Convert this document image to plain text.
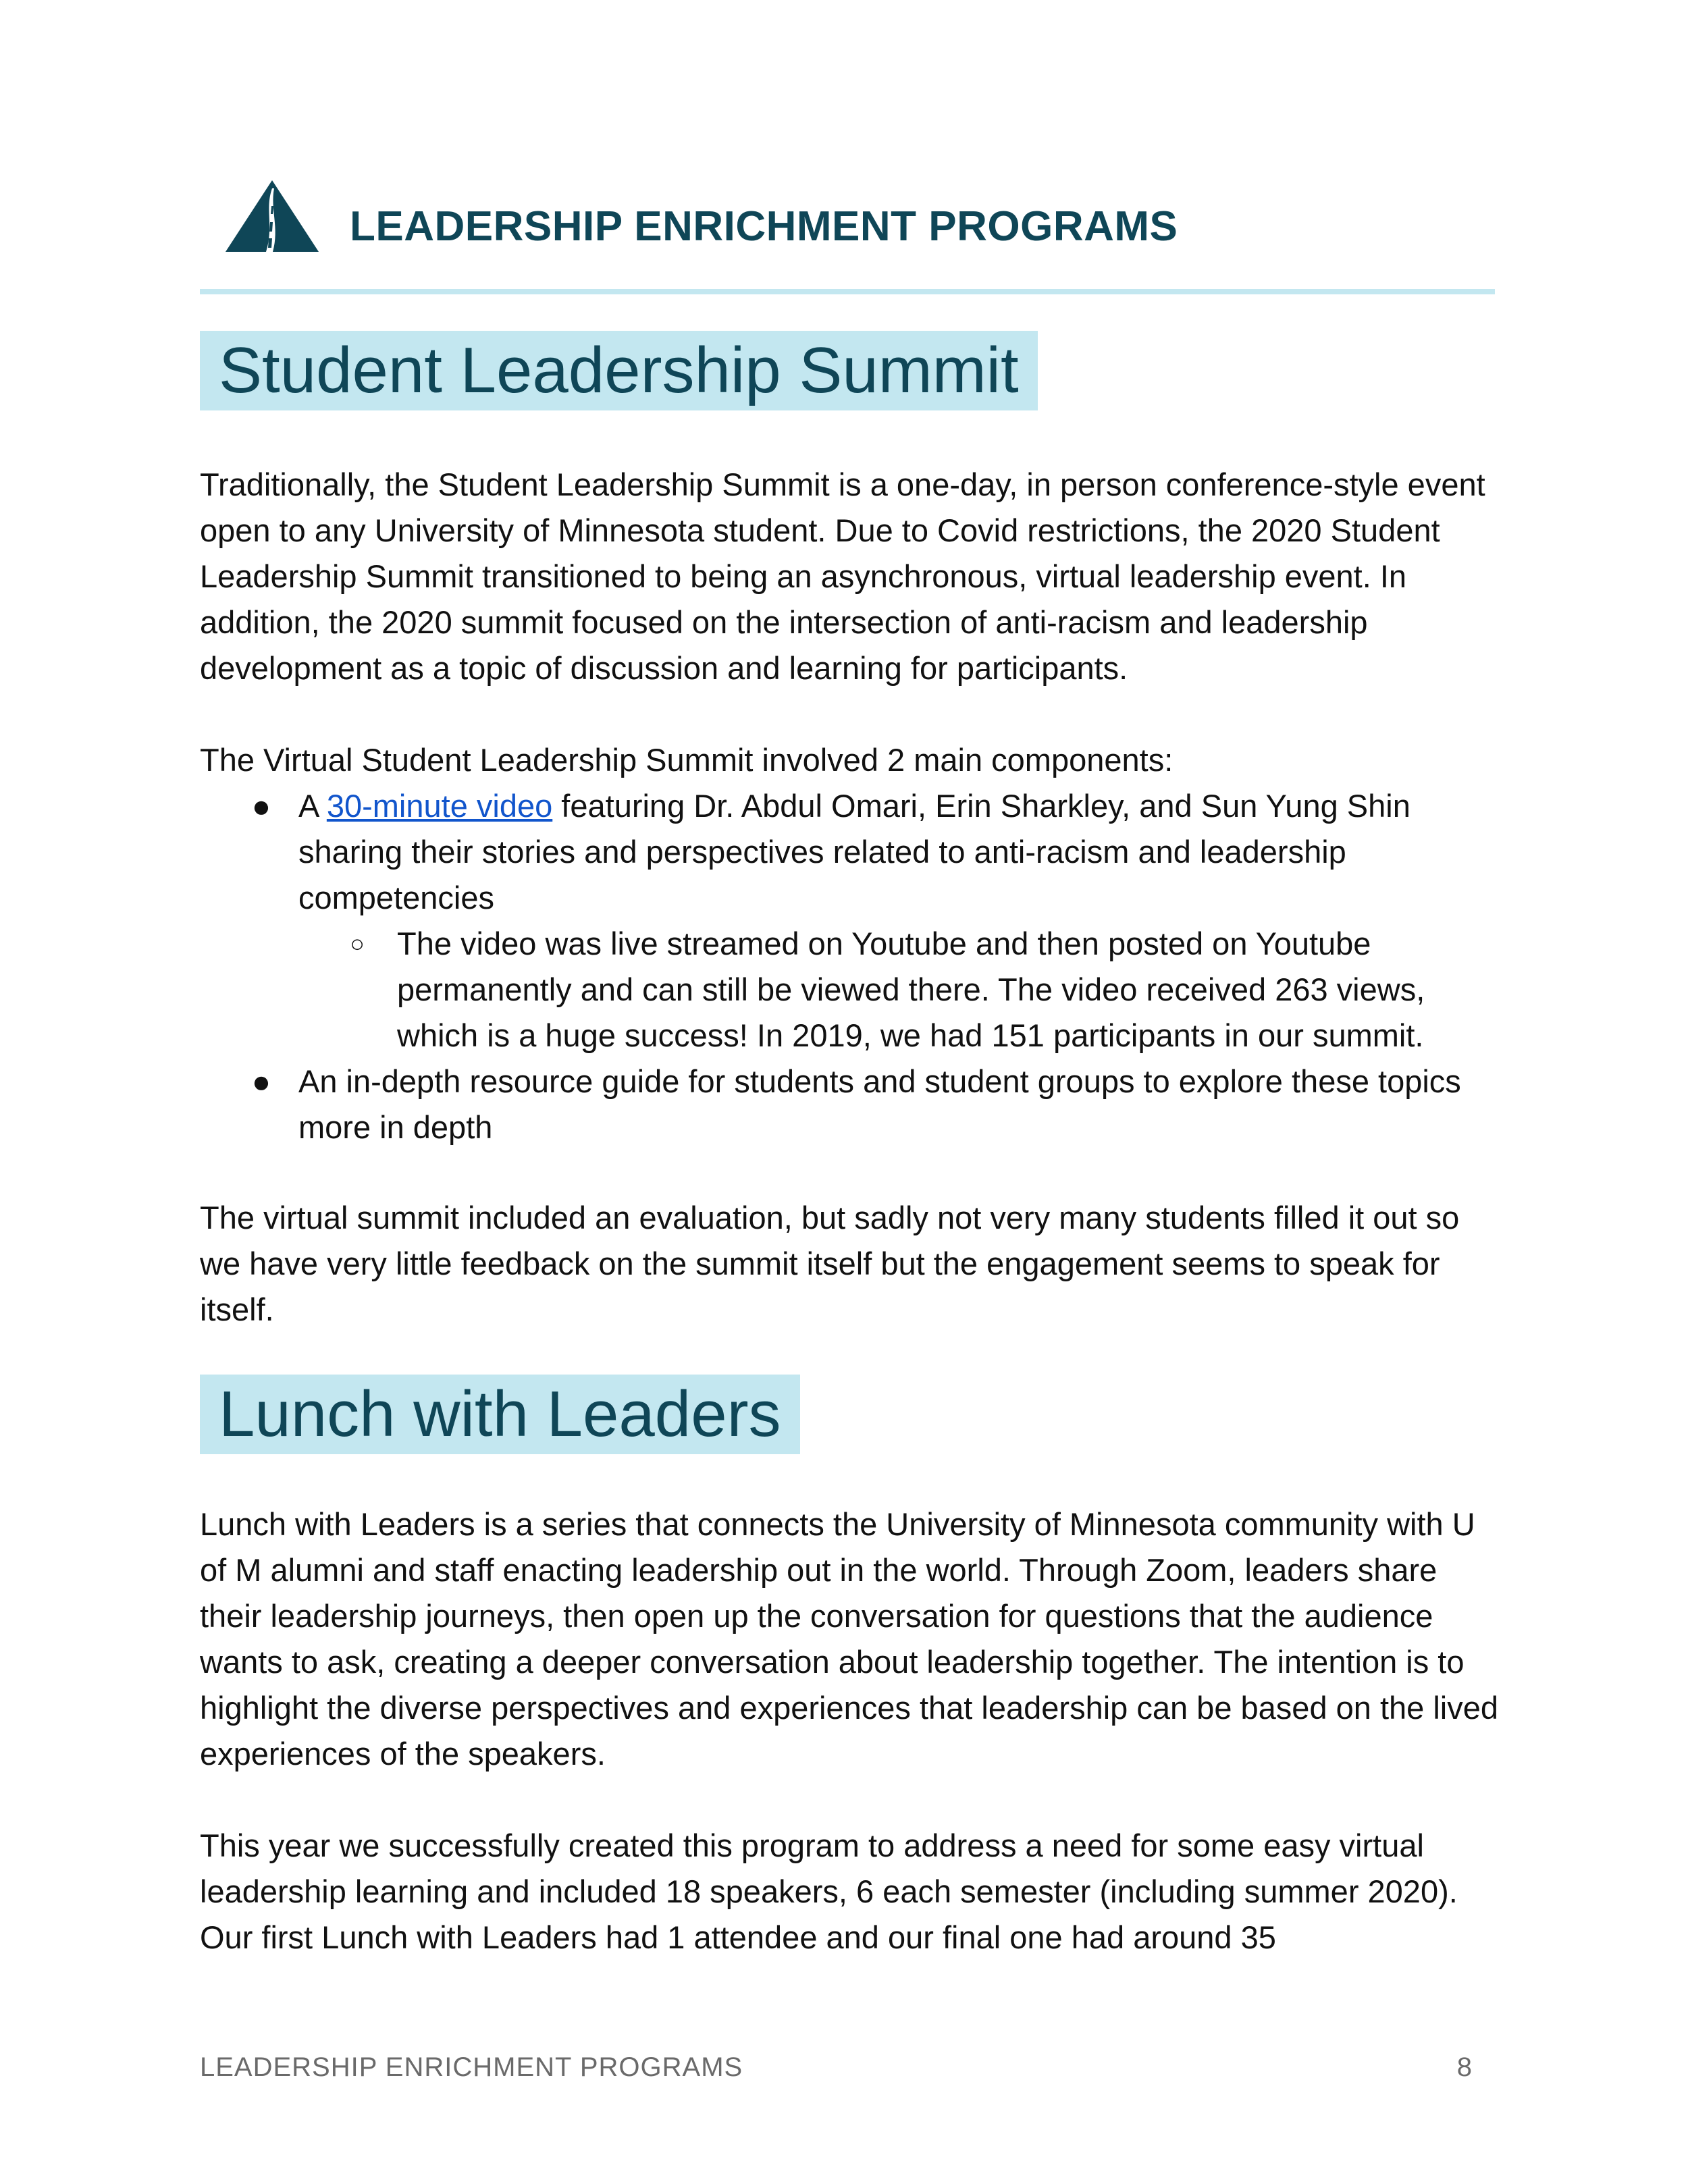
LEADERSHIP ENRICHMENT PROGRAMS
Student Leadership Summit

Traditionally, the Student Leadership Summit is a one-day, in person conference-style event open to any University of Minnesota student. Due to Covid restrictions, the 2020 Student Leadership Summit transitioned to being an asynchronous, virtual leadership event. In addition, the 2020 summit focused on the intersection of anti-racism and leadership development as a topic of discussion and learning for participants.

The Virtual Student Leadership Summit involved 2 main components:

● A 30-minute video featuring Dr. Abdul Omari, Erin Sharkley, and Sun Yung Shin sharing their stories and perspectives related to anti-racism and leadership competencies
○ The video was live streamed on Youtube and then posted on Youtube permanently and can still be viewed there. The video received 263 views, which is a huge success! In 2019, we had 151 participants in our summit.
● An in-depth resource guide for students and student groups to explore these topics more in depth

The virtual summit included an evaluation, but sadly not very many students filled it out so we have very little feedback on the summit itself but the engagement seems to speak for itself.

Lunch with Leaders

Lunch with Leaders is a series that connects the University of Minnesota community with U of M alumni and staff enacting leadership out in the world. Through Zoom, leaders share their leadership journeys, then open up the conversation for questions that the audience wants to ask, creating a deeper conversation about leadership together. The intention is to highlight the diverse perspectives and experiences that leadership can be based on the lived experiences of the speakers.

This year we successfully created this program to address a need for some easy virtual leadership learning and included 18 speakers, 6 each semester (including summer 2020). Our first Lunch with Leaders had 1 attendee and our final one had around 35

LEADERSHIP ENRICHMENT PROGRAMS	8
